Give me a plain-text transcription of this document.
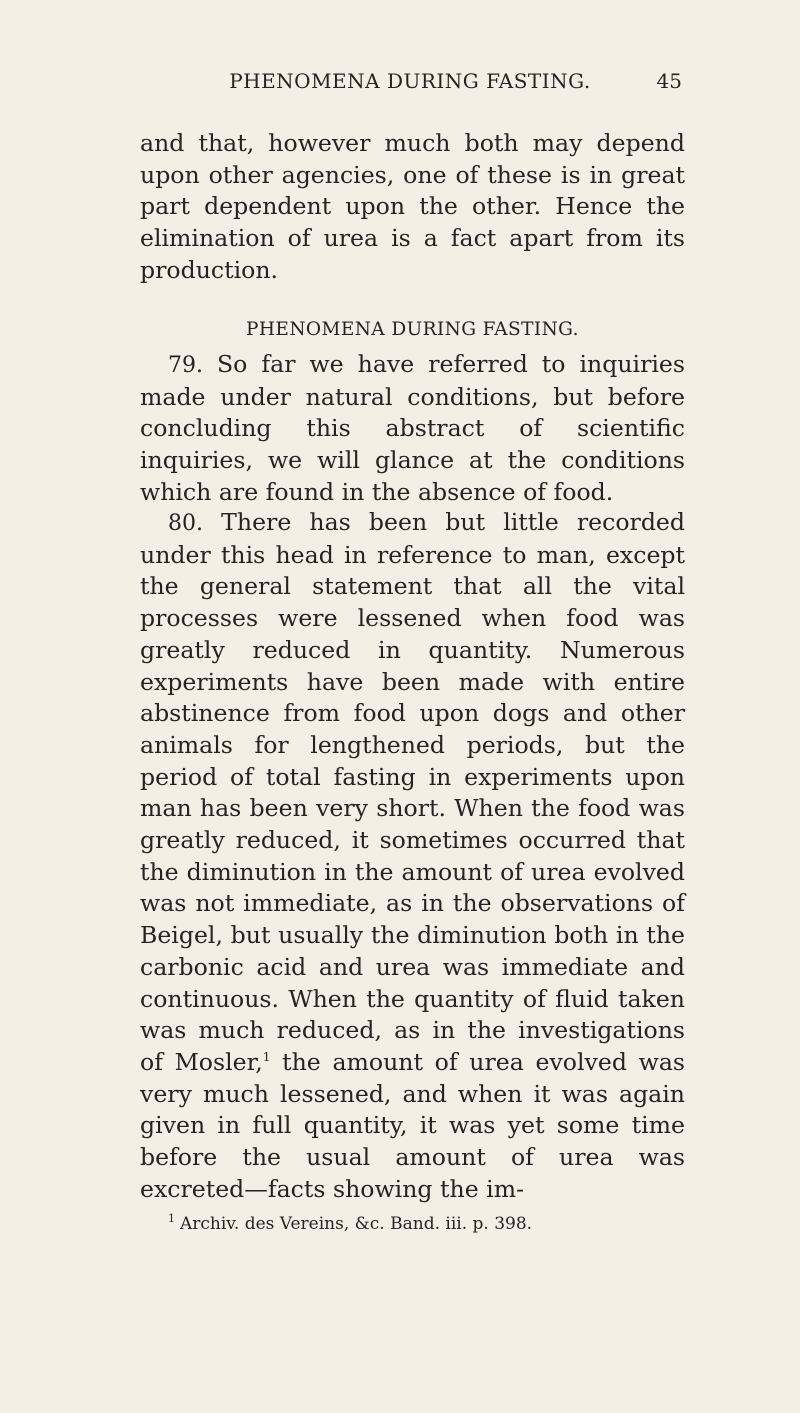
PHENOMENA DURING FASTING.	45

and that, however much both may depend upon other agencies, one of these is in great part dependent upon the other. Hence the elimination of urea is a fact apart from its production.

PHENOMENA DURING FASTING.

79. So far we have referred to inquiries made under natural conditions, but before concluding this abstract of scientific inquiries, we will glance at the conditions which are found in the absence of food.

80. There has been but little recorded under this head in reference to man, except the general statement that all the vital processes were lessened when food was greatly reduced in quantity. Numerous experiments have been made with entire abstinence from food upon dogs and other animals for lengthened periods, but the period of total fasting in experiments upon man has been very short. When the food was greatly reduced, it sometimes occurred that the diminution in the amount of urea evolved was not immediate, as in the observations of Beigel, but usually the diminution both in the carbonic acid and urea was immediate and continuous. When the quantity of fluid taken was much reduced, as in the investigations of Mosler,$^1$ the amount of urea evolved was very much lessened, and when it was again given in full quantity, it was yet some time before the usual amount of urea was excreted—facts showing the im-

$^1$ Archiv. des Vereins, &c. Band. iii. p. 398.
